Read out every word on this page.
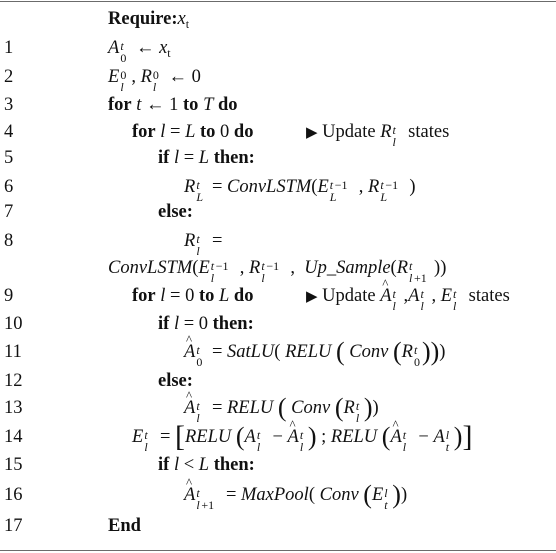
$Require:x_t$
1	A t
0 ← $x_t$
2	E 0
l , R 0
l ← 0
3	for t ← 1 to T do
4	for l = L to 0 do	▶ Update R t
l states
5	if l = L then:
6	R t
L = ConvLSTM(E t −1
L , R t −1
L )
7	else:
8	R t
l =
ConvLSTM(E t −1
l , R t −1
l ,  Up_Sample(R t
l +1 ))
9	for l = 0 to L do	▶ Update ^ A t
l ,A t
l , E t
l states
10	if l = 0 then:
11	^ A t
0 = SatLU( RELU ( Conv (R t
0 )))
12	else:
13	^ A t
l = RELU ( Conv (R t
l ))
14	E t
l = [RELU (A t
l − ^ A t
l ) ; RELU (^ A t
l − A l
t )]
15	if l < L then:
16	^ A t
l +1 = MaxPool( Conv (E l
t ))
17	End
